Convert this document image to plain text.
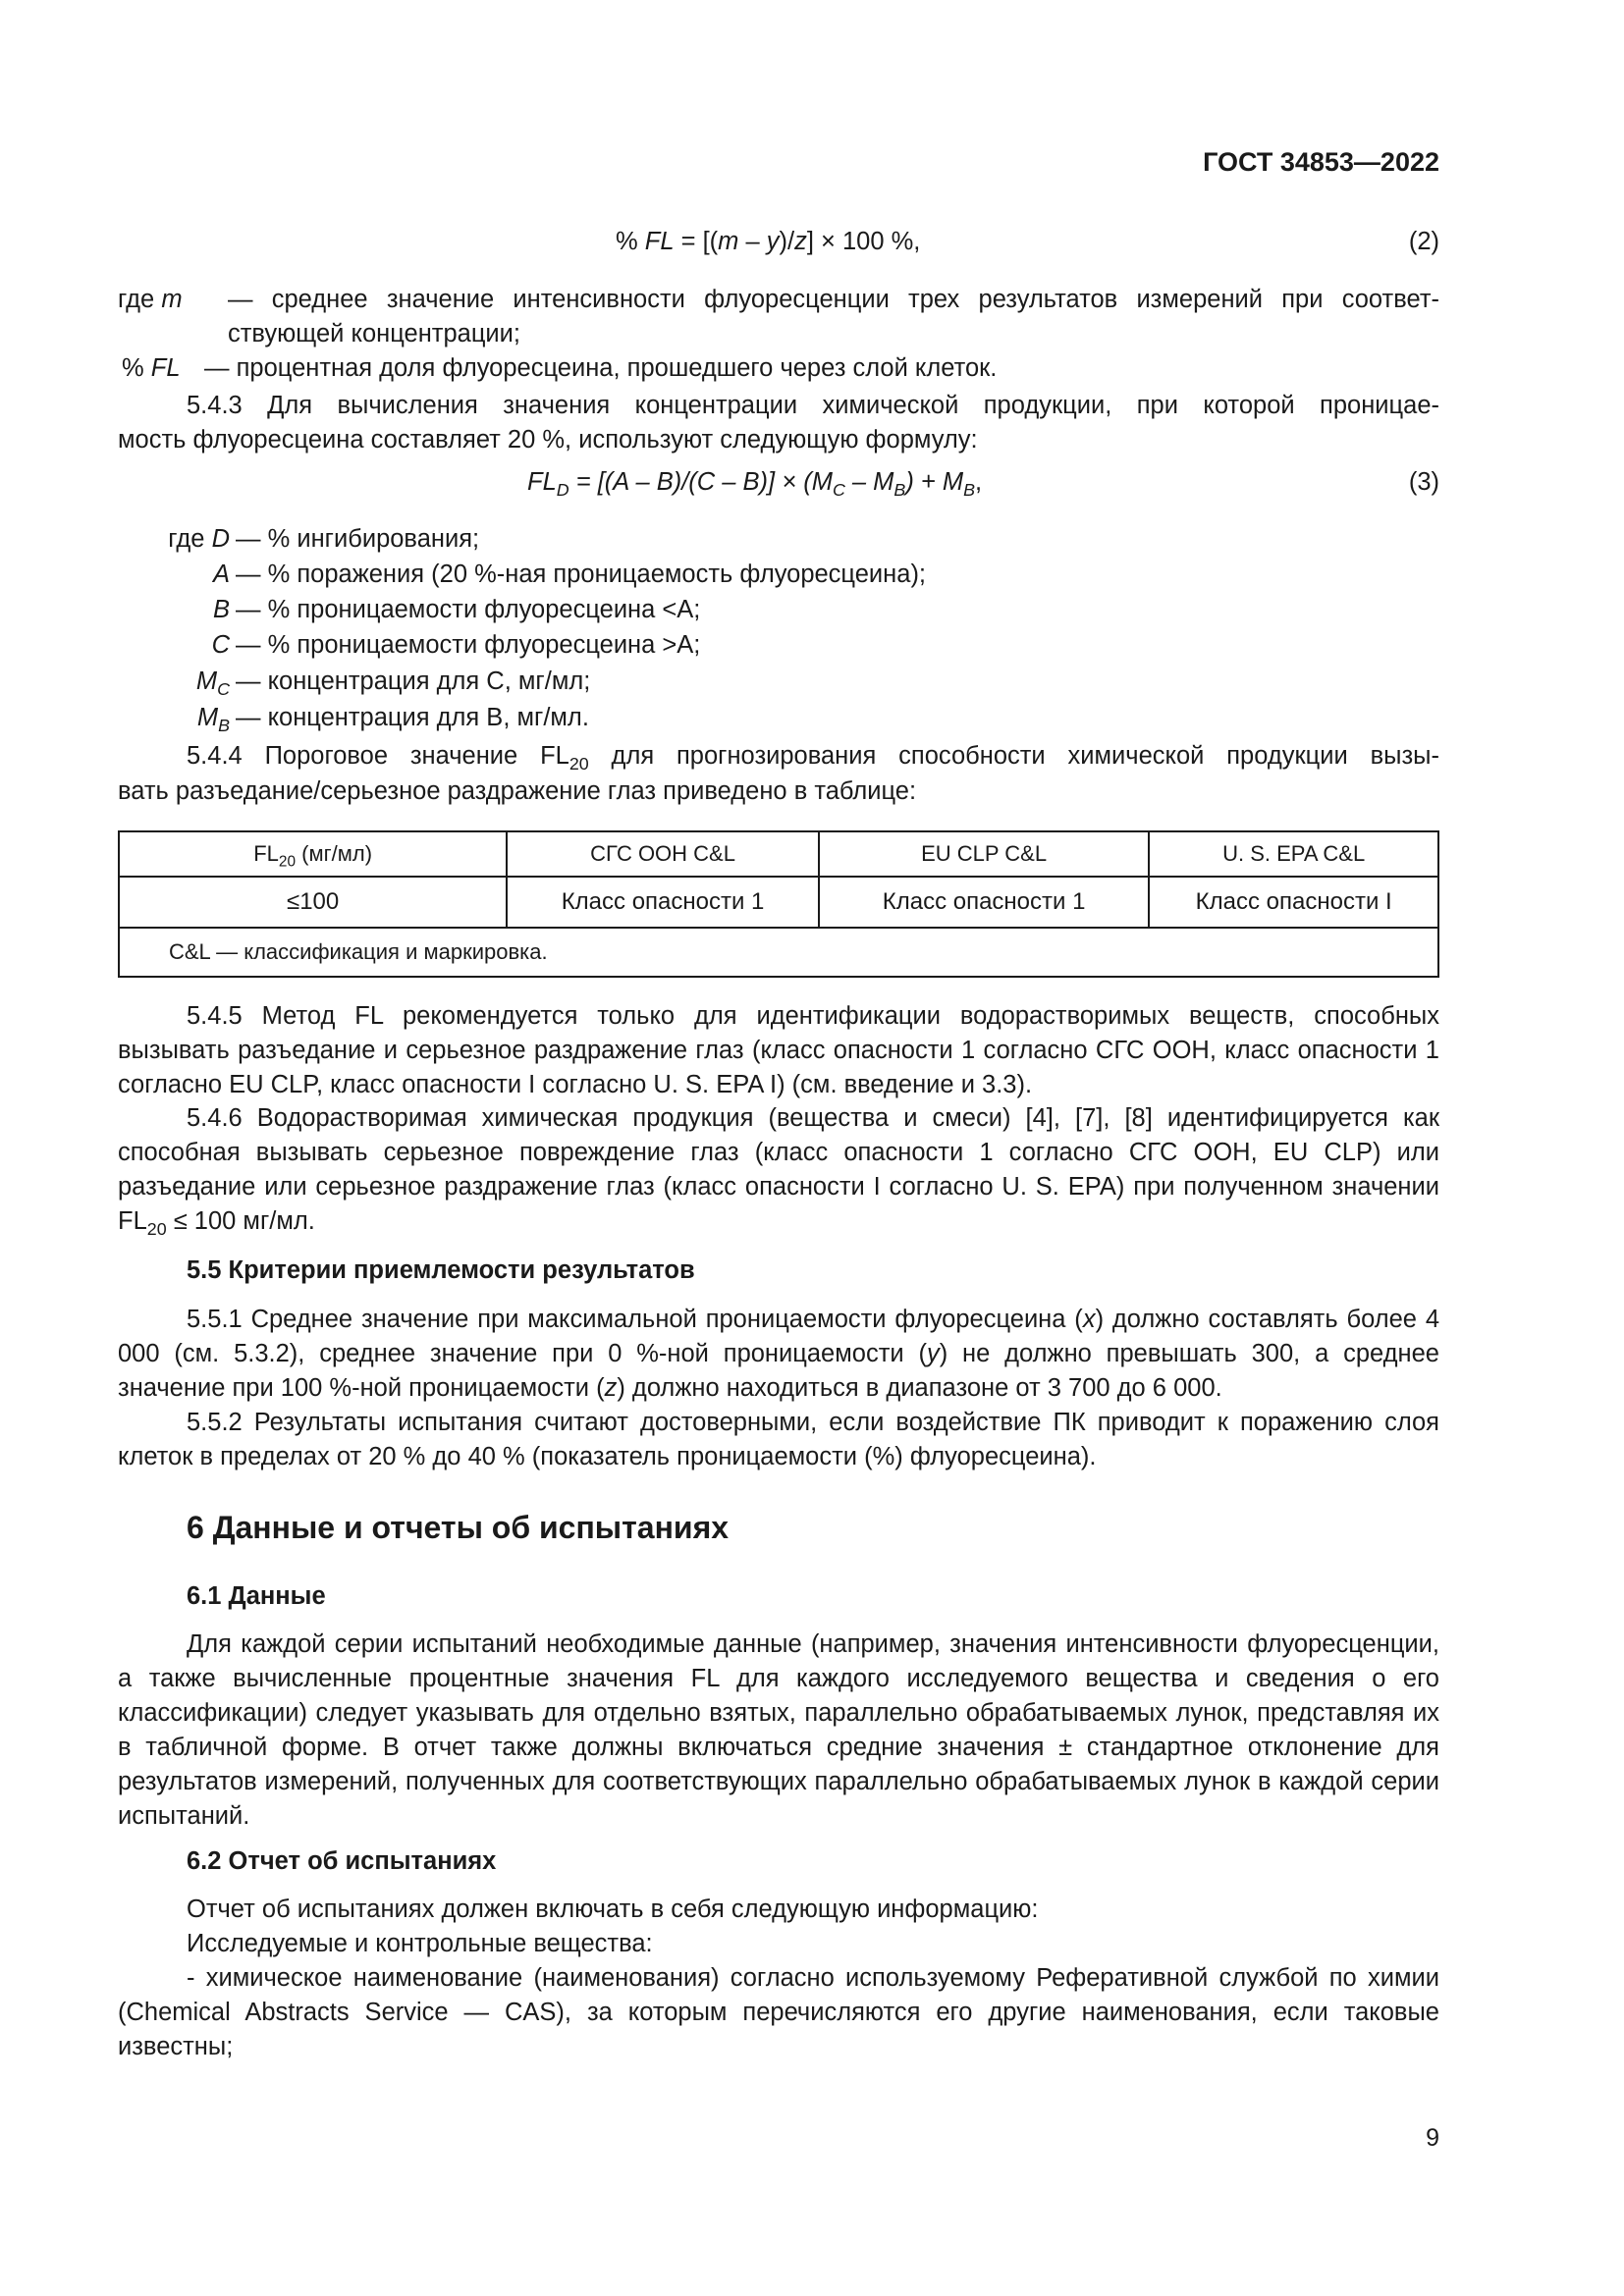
ГОСТ 34853—2022
% FL = [(m – y)/z] × 100 %,	(2)
где m — среднее значение интенсивности флуоресценции трех результатов измерений при соответ-
ствующей концентрации;
% FL — процентная доля флуоресцеина, прошедшего через слой клеток.
5.4.3 Для вычисления значения концентрации химической продукции, при которой проницае-
мость флуоресцеина составляет 20 %, используют следующую формулу:
$FL_D = [(A - B)/(C - B)] \times (M_C - M_B) + M_B$,	(3)
где D — % ингибирования;
A — % поражения (20 %-ная проницаемость флуоресцеина);
B — % проницаемости флуоресцеина <A;
C — % проницаемости флуоресцеина >A;
$M_C$ — концентрация для С, мг/мл;
$M_B$ — концентрация для В, мг/мл.
5.4.4 Пороговое значение $FL_{20}$ для прогнозирования способности химической продукции вызы-
вать разъедание/серьезное раздражение глаз приведено в таблице:
$FL_{20}$ (мг/мл)	СГС ООН C&L	EU CLP C&L	U. S. EPA C&L
≤100	Класс опасности 1	Класс опасности 1	Класс опасности I
C&L — классификация и маркировка.			
5.4.5 Метод FL рекомендуется только для идентификации водорастворимых веществ, способных вызывать разъедание и серьезное раздражение глаз (класс опасности 1 согласно СГС ООН, класс опасности 1 согласно EU CLP, класс опасности I согласно U. S. EPA I) (см. введение и 3.3).
5.4.6 Водорастворимая химическая продукция (вещества и смеси) [4], [7], [8] идентифицируется как способная вызывать серьезное повреждение глаз (класс опасности 1 согласно СГС ООН, EU CLP) или разъедание или серьезное раздражение глаз (класс опасности I согласно U. S. EPA) при полученном значении $FL_{20} \le 100$ мг/мл.
5.5 Критерии приемлемости результатов
5.5.1 Среднее значение при максимальной проницаемости флуоресцеина (x) должно составлять более 4 000 (см. 5.3.2), среднее значение при 0 %-ной проницаемости (y) не должно превышать 300, а среднее значение при 100 %-ной проницаемости (z) должно находиться в диапазоне от 3 700 до 6 000.
5.5.2 Результаты испытания считают достоверными, если воздействие ПК приводит к поражению слоя клеток в пределах от 20 % до 40 % (показатель проницаемости (%) флуоресцеина).
6 Данные и отчеты об испытаниях
6.1 Данные
Для каждой серии испытаний необходимые данные (например, значения интенсивности флуоресценции, а также вычисленные процентные значения FL для каждого исследуемого вещества и сведения о его классификации) следует указывать для отдельно взятых, параллельно обрабатываемых лунок, представляя их в табличной форме. В отчет также должны включаться средние значения ± стандартное отклонение для результатов измерений, полученных для соответствующих параллельно обрабатываемых лунок в каждой серии испытаний.
6.2 Отчет об испытаниях
Отчет об испытаниях должен включать в себя следующую информацию:
Исследуемые и контрольные вещества:
- химическое наименование (наименования) согласно используемому Реферативной службой по химии (Chemical Abstracts Service — CAS), за которым перечисляются его другие наименования, если таковые известны;
9
